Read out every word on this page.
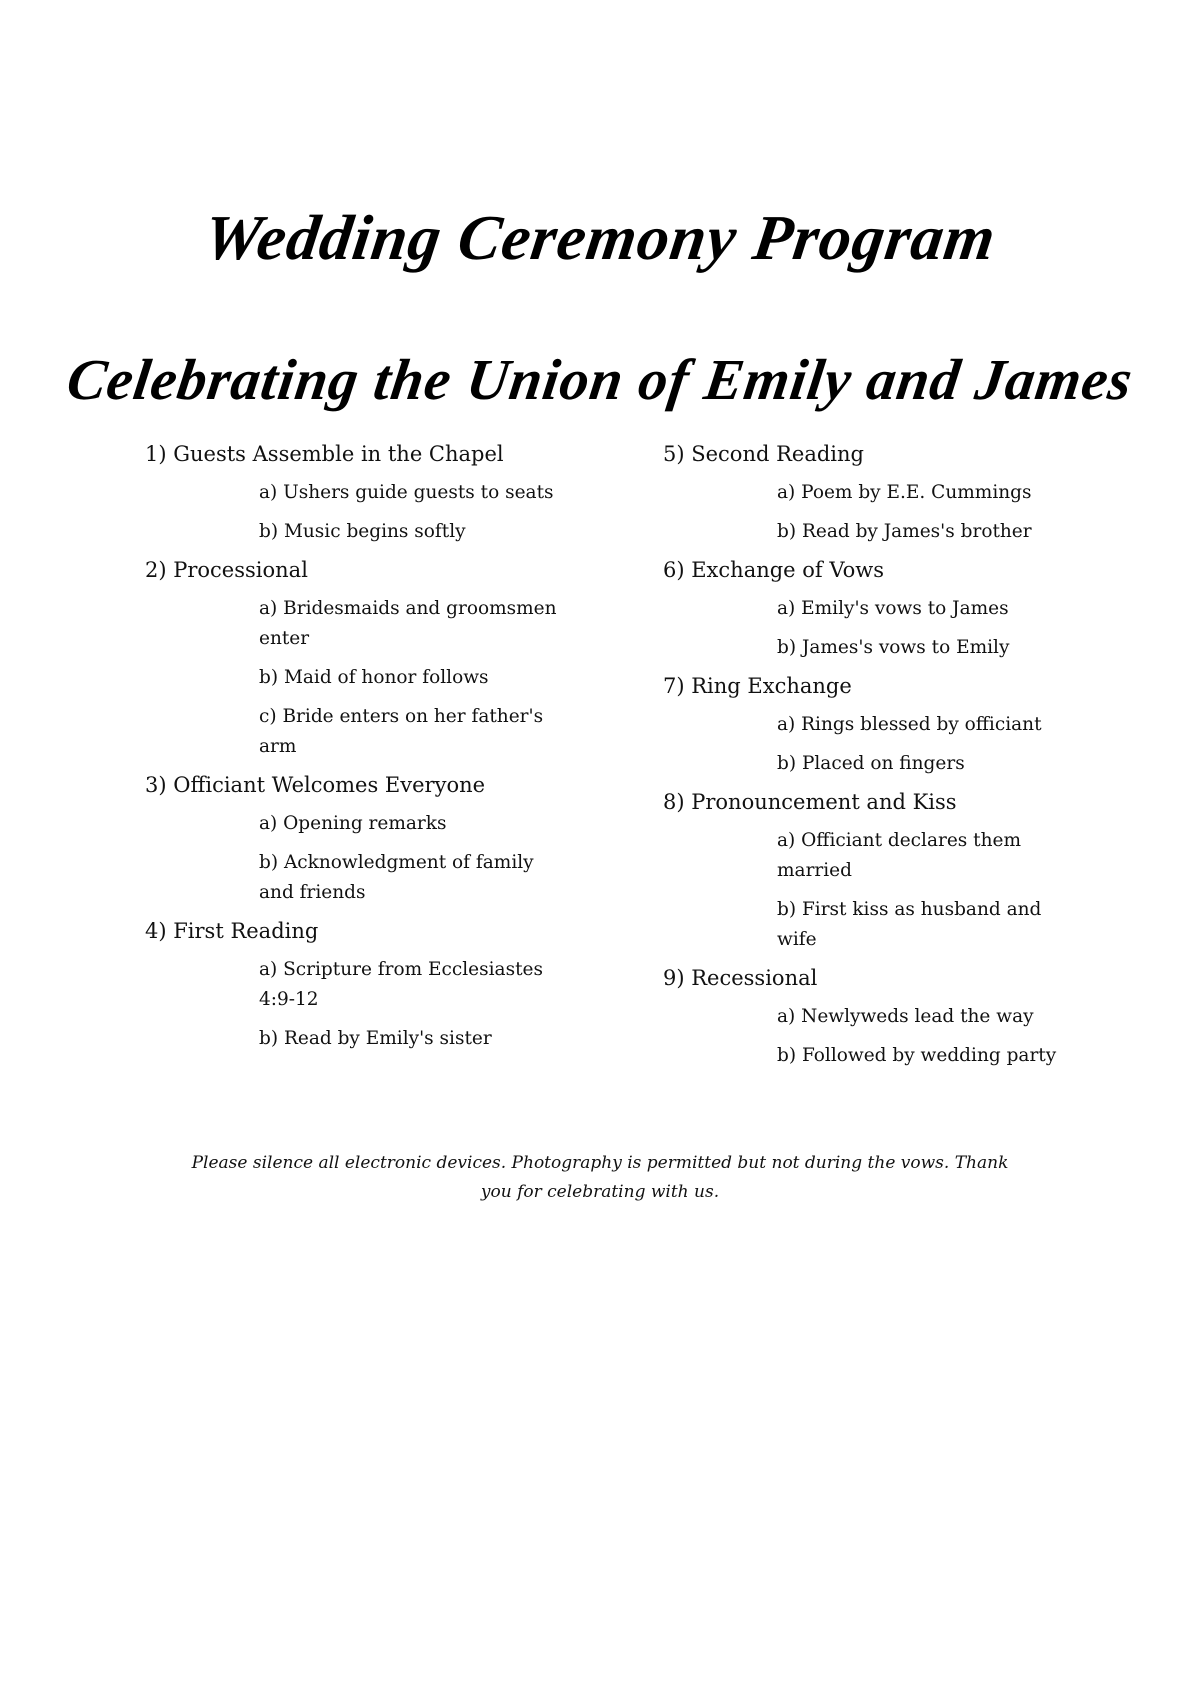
Wedding Ceremony Program
Celebrating the Union of Emily and James
1) Guests Assemble in the Chapel
a) Ushers guide guests to seats
b) Music begins softly
2) Processional
a) Bridesmaids and groomsmen enter
b) Maid of honor follows
c) Bride enters on her father's arm
3) Officiant Welcomes Everyone
a) Opening remarks
b) Acknowledgment of family and friends
4) First Reading
a) Scripture from Ecclesiastes 4:9-12
b) Read by Emily's sister
5) Second Reading
a) Poem by E.E. Cummings
b) Read by James's brother
6) Exchange of Vows
a) Emily's vows to James
b) James's vows to Emily
7) Ring Exchange
a) Rings blessed by officiant
b) Placed on fingers
8) Pronouncement and Kiss
a) Officiant declares them married
b) First kiss as husband and wife
9) Recessional
a) Newlyweds lead the way
b) Followed by wedding party

Please silence all electronic devices. Photography is permitted but not during the vows. Thank you for celebrating with us.
